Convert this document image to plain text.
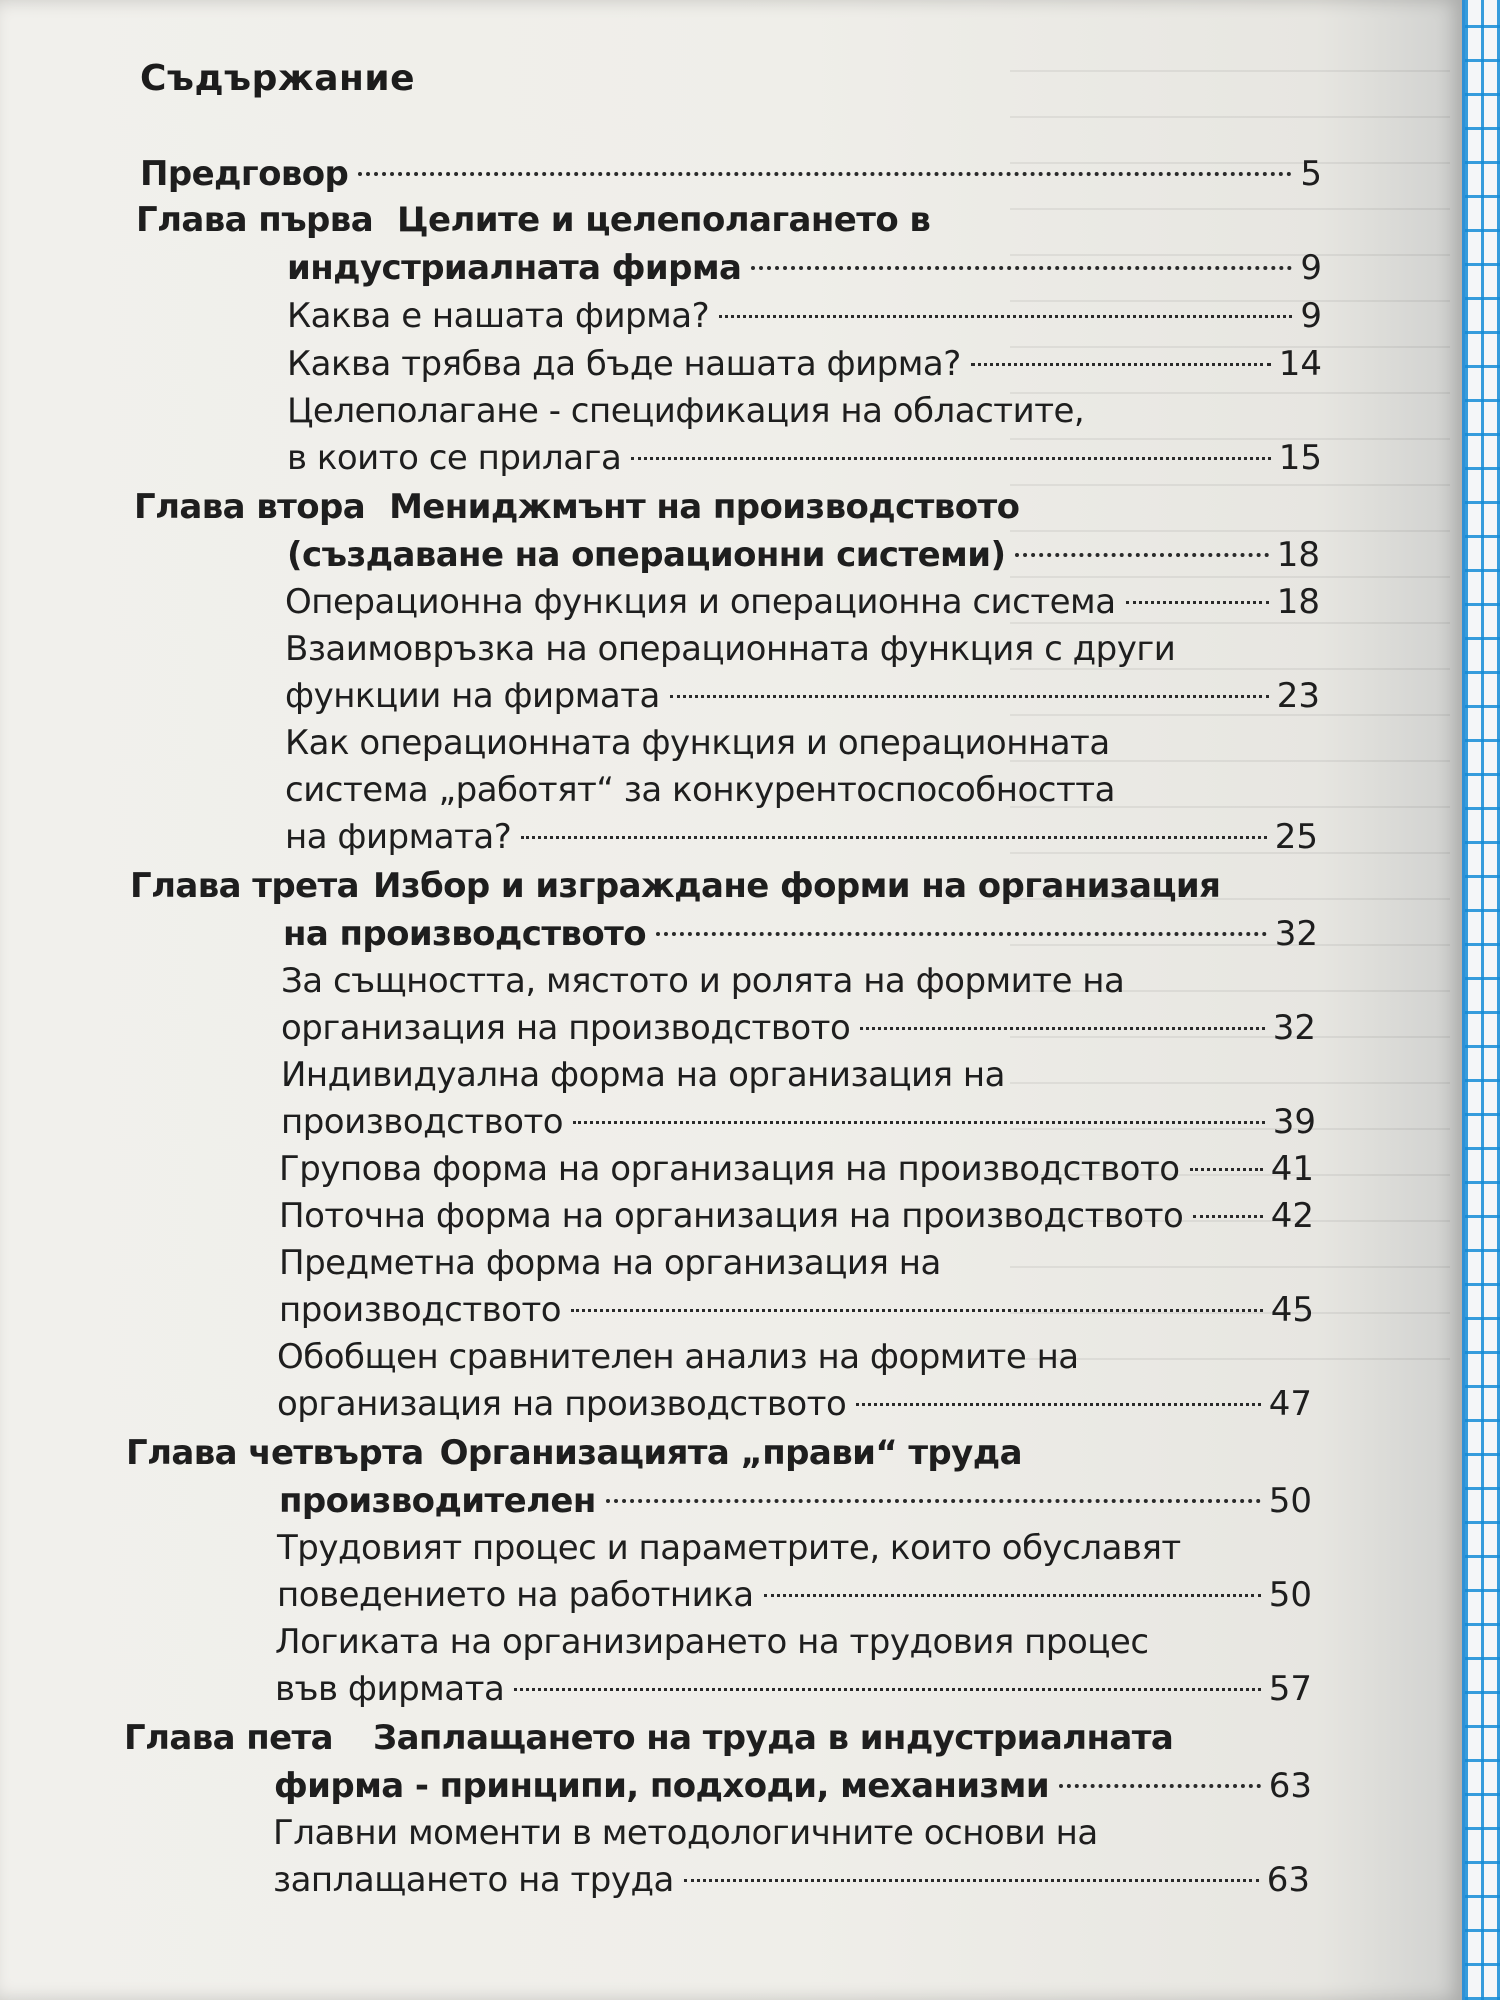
Съдържание
Предговор	5
Глава първа Целите и целеполагането в
индустриалната фирма	9
Каква е нашата фирма?	9
Каква трябва да бъде нашата фирма?	14
Целеполагане - спецификация на областите,
в които се прилага	15
Глава втора Мениджмънт на производството
(създаване на операционни системи)	18
Операционна функция и операционна система	18
Взаимовръзка на операционната функция с други
функции на фирмата	23
Как операционната функция и операционната
система „работят“ за конкурентоспособността
на фирмата?	25
Глава трета Избор и изграждане форми на организация
на производството	32
За същността, мястото и ролята на формите на
организация на производството	32
Индивидуална форма на организация на
производството	39
Групова форма на организация на производството	41
Поточна форма на организация на производството	42
Предметна форма на организация на
производството	45
Обобщен сравнителен анализ на формите на
организация на производството	47
Глава четвърта Организацията „прави“ труда
производителен	50
Трудовият процес и параметрите, които обуславят
поведението на работника	50
Логиката на организирането на трудовия процес
във фирмата	57
Глава пета Заплащането на труда в индустриалната
фирма - принципи, подходи, механизми	63
Главни моменти в методологичните основи на
заплащането на труда	63
